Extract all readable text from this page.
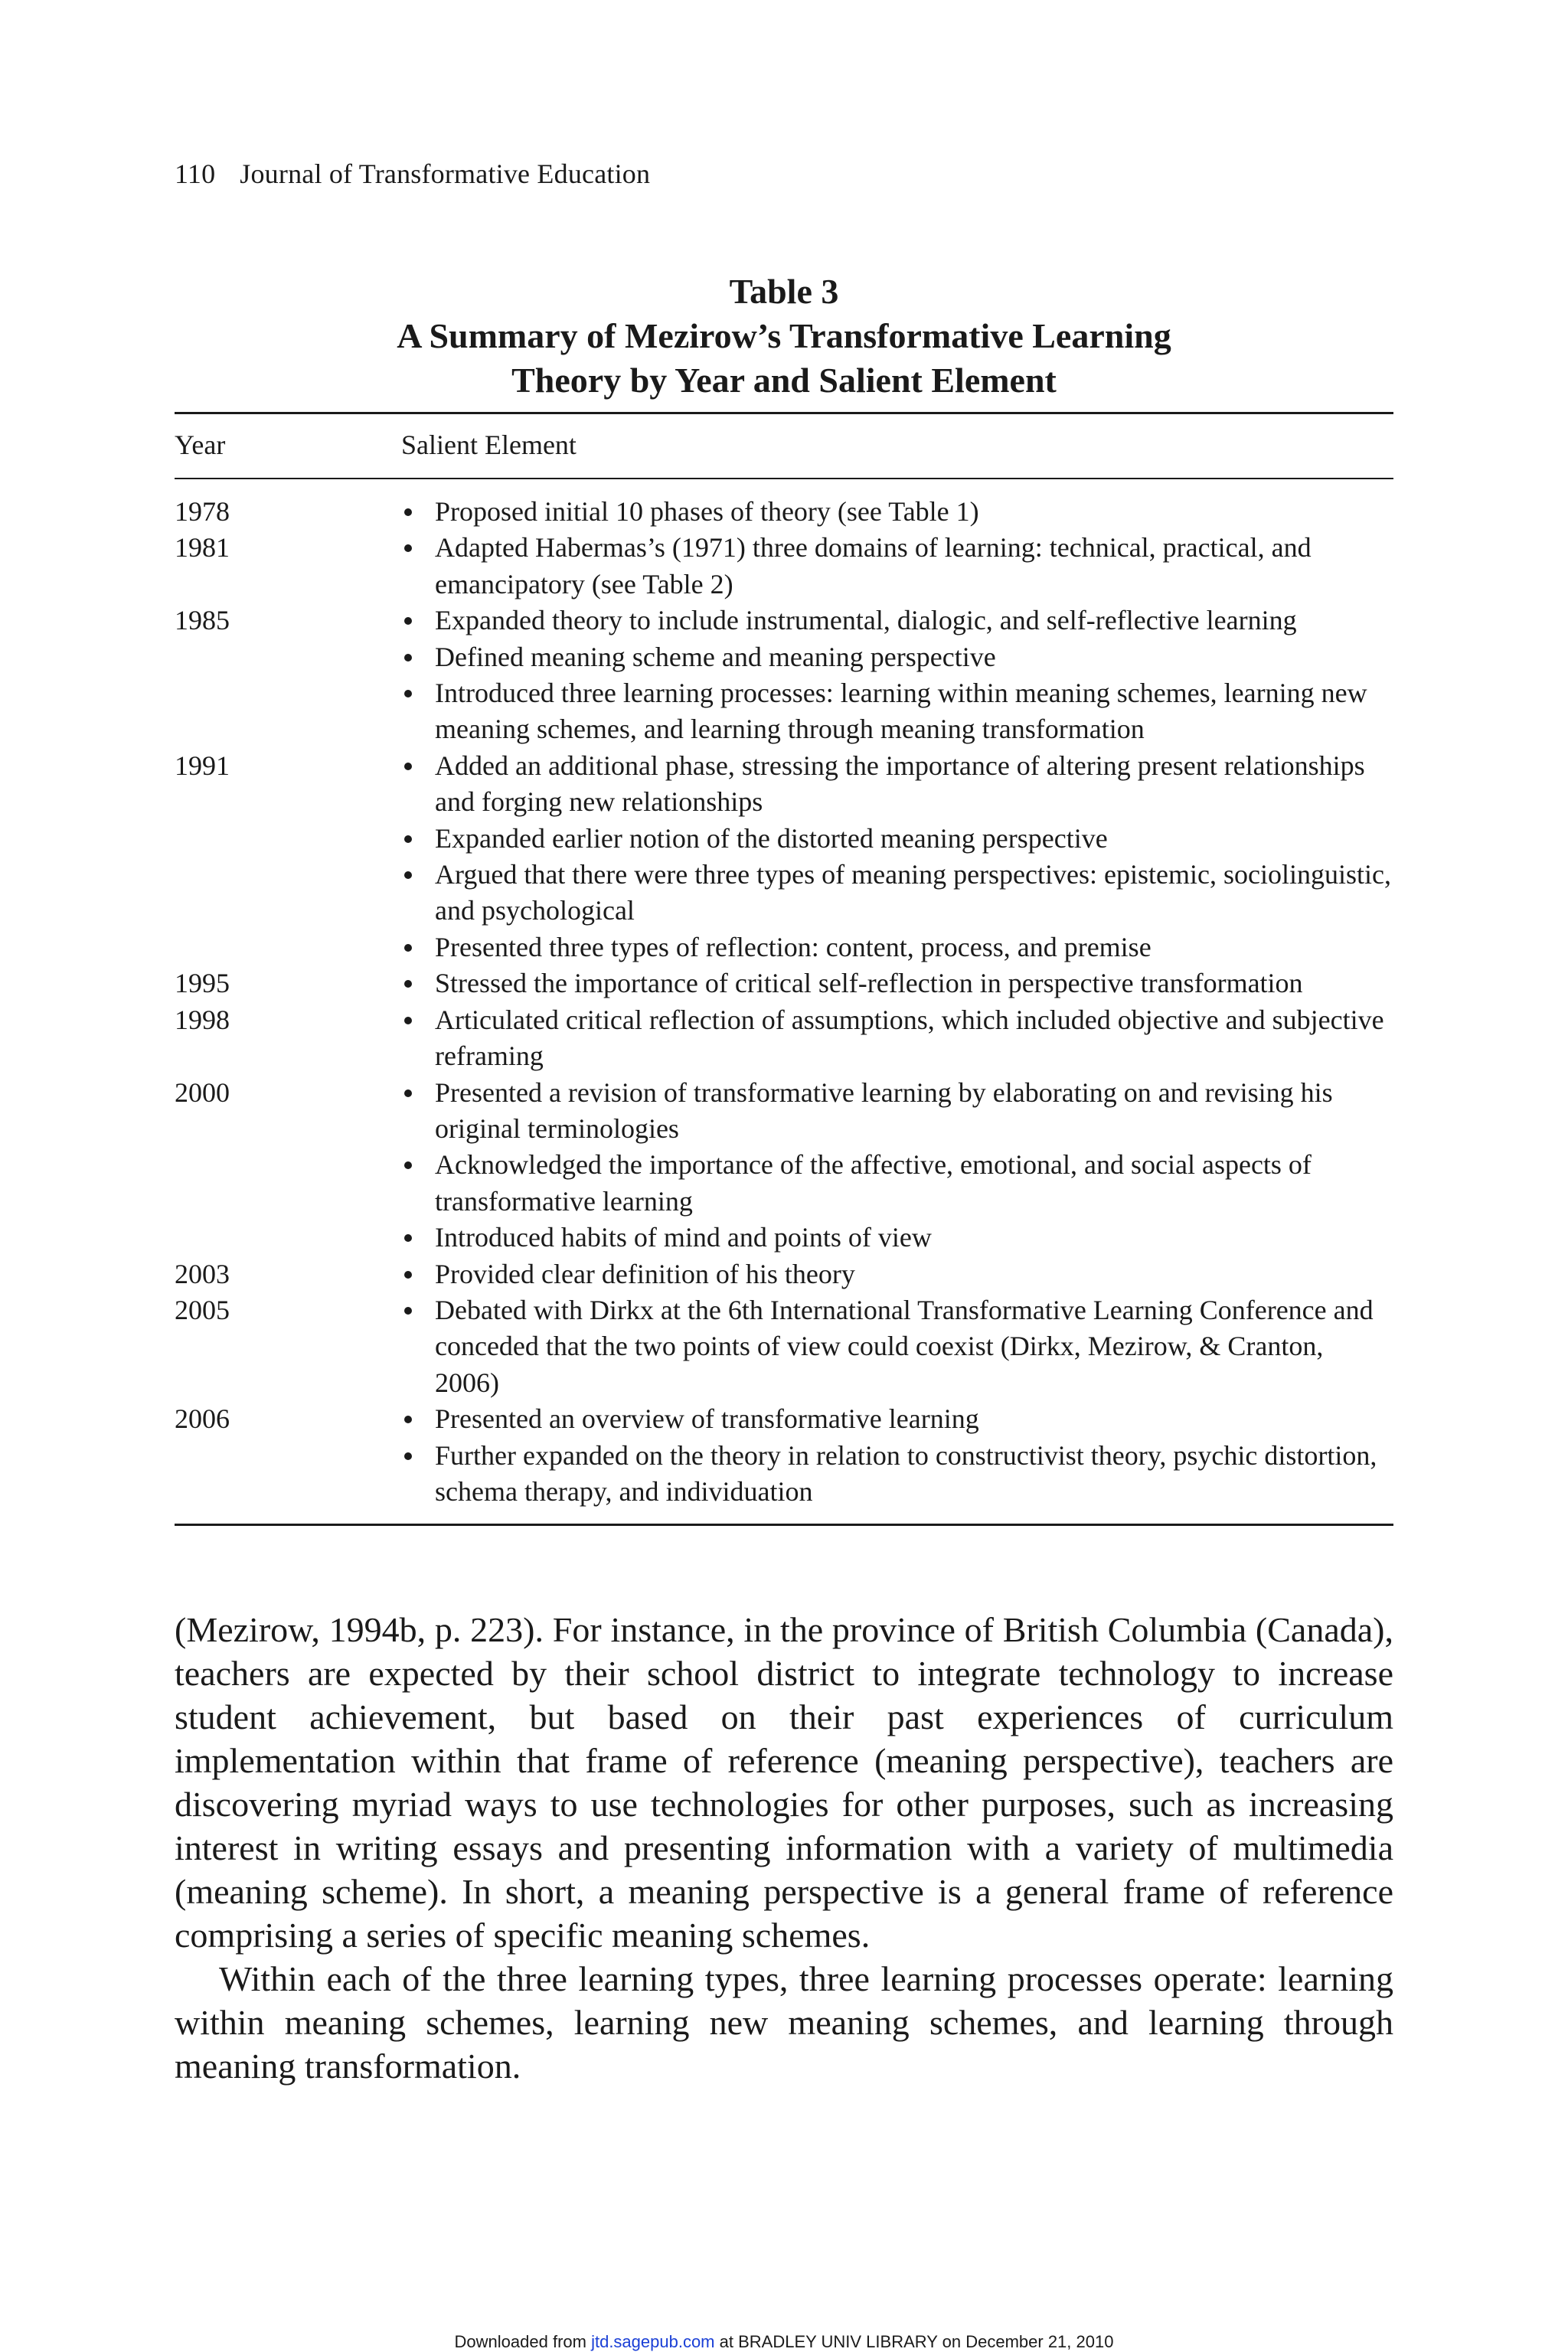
110 Journal of Transformative Education
Table 3
A Summary of Mezirow’s Transformative Learning
Theory by Year and Salient Element
Year	Salient Element
1978	Proposed initial 10 phases of theory (see Table 1)
1981	Adapted Habermas’s (1971) three domains of learning: technical, practical, and emancipatory (see Table 2)
1985	Expanded theory to include instrumental, dialogic, and self-reflective learning
Defined meaning scheme and meaning perspective
Introduced three learning processes: learning within meaning schemes, learning new meaning schemes, and learning through meaning transformation
1991	Added an additional phase, stressing the importance of altering present relationships and forging new relationships
Expanded earlier notion of the distorted meaning perspective
Argued that there were three types of meaning perspectives: epistemic, sociolinguistic, and psychological
Presented three types of reflection: content, process, and premise
1995	Stressed the importance of critical self-reflection in perspective transformation
1998	Articulated critical reflection of assumptions, which included objective and subjective reframing
2000	Presented a revision of transformative learning by elaborating on and revising his original terminologies
Acknowledged the importance of the affective, emotional, and social aspects of transformative learning
Introduced habits of mind and points of view
2003	Provided clear definition of his theory
2005	Debated with Dirkx at the 6th International Transformative Learning Conference and conceded that the two points of view could coexist (Dirkx, Mezirow, & Cranton, 2006)
2006	Presented an overview of transformative learning
Further expanded on the theory in relation to constructivist theory, psychic distortion, schema therapy, and individuation

(Mezirow, 1994b, p. 223). For instance, in the province of British Columbia (Canada), teachers are expected by their school district to integrate technology to increase student achievement, but based on their past experiences of curriculum implementation within that frame of reference (meaning perspective), teachers are discovering myriad ways to use technologies for other purposes, such as increasing interest in writing essays and presenting information with a variety of multimedia (meaning scheme). In short, a meaning perspective is a general frame of reference comprising a series of specific meaning schemes.

Within each of the three learning types, three learning processes operate: learning within meaning schemes, learning new meaning schemes, and learning through meaning transformation.

Downloaded from jtd.sagepub.com at BRADLEY UNIV LIBRARY on December 21, 2010
